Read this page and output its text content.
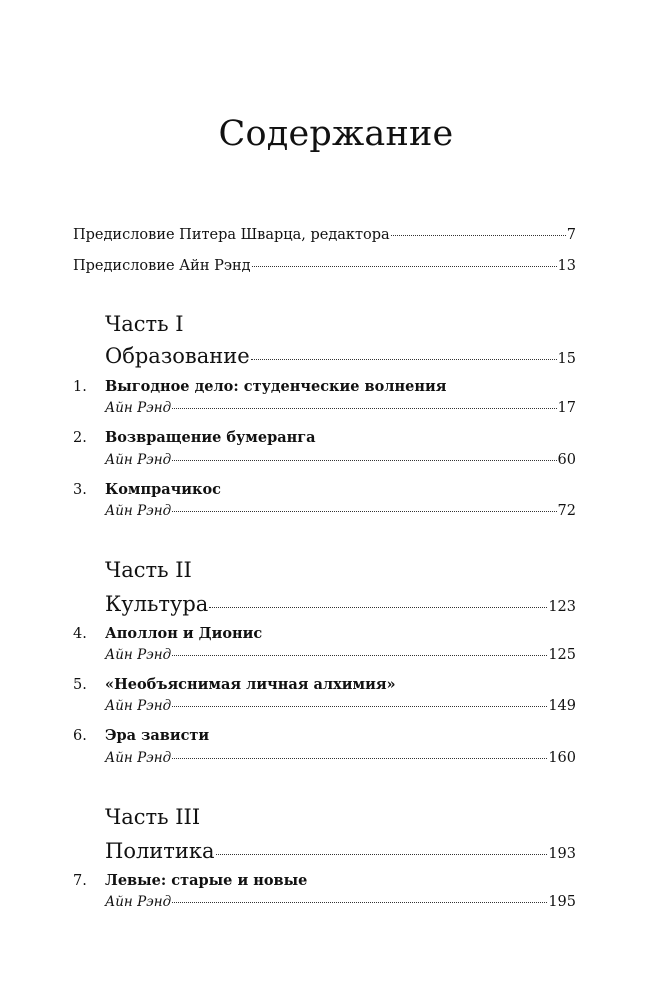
Содержание
Предисловие Питера Шварца, редактора	7
Предисловие Айн Рэнд	13
Часть I
Образование	15
1. Выгодное дело: студенческие волнения
Айн Рэнд	17
2. Возвращение бумеранга
Айн Рэнд	60
3. Компрачикос
Айн Рэнд	72
Часть II
Культура	123
4. Аполлон и Дионис
Айн Рэнд	125
5. «Необъяснимая личная алхимия»
Айн Рэнд	149
6. Эра зависти
Айн Рэнд	160
Часть III
Политика	193
7. Левые: старые и новые
Айн Рэнд	195
